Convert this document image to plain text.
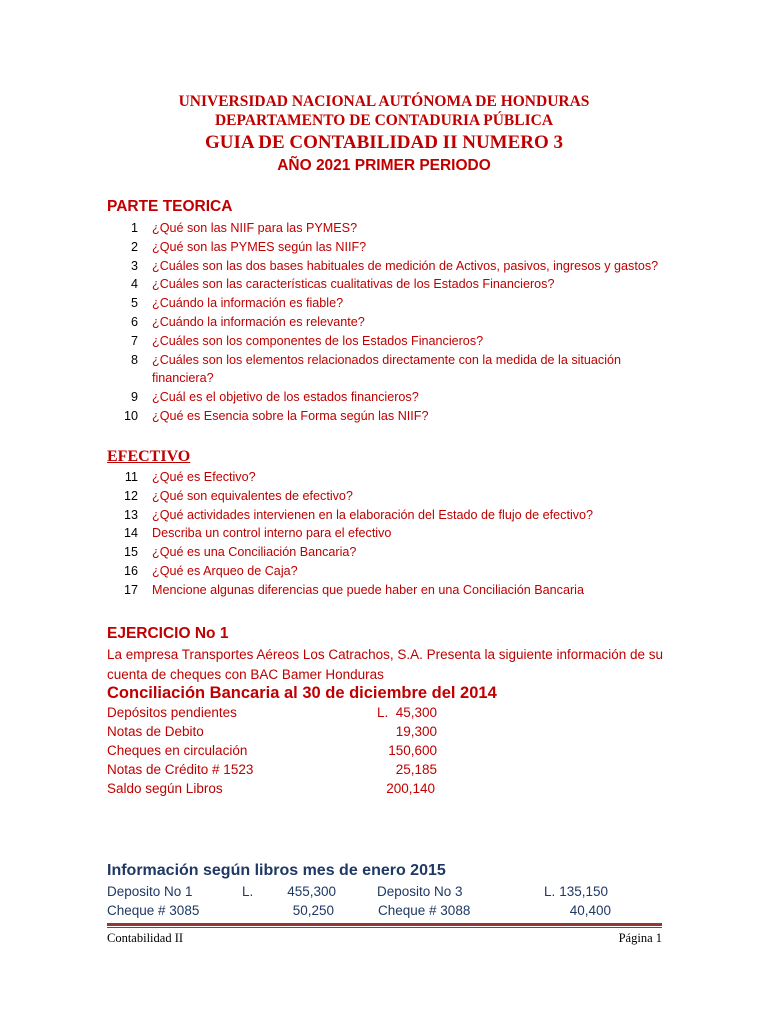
UNIVERSIDAD NACIONAL AUTÓNOMA DE HONDURAS
DEPARTAMENTO DE CONTADURIA PÚBLICA
GUIA DE CONTABILIDAD II NUMERO 3
AÑO 2021 PRIMER PERIODO
PARTE TEORICA
1 ¿Qué son las NIIF para las PYMES?
2 ¿Qué son las PYMES según las NIIF?
3 ¿Cuáles son las dos bases habituales de medición de Activos, pasivos, ingresos y gastos?
4 ¿Cuáles son las características cualitativas de los Estados Financieros?
5 ¿Cuándo la información es fiable?
6 ¿Cuándo la información es relevante?
7 ¿Cuáles son los componentes de los Estados Financieros?
8 ¿Cuáles son los elementos relacionados directamente con la medida de la situación financiera?
9 ¿Cuál es el objetivo de los estados financieros?
10 ¿Qué es Esencia sobre la Forma según las NIIF?
EFECTIVO
11 ¿Qué es Efectivo?
12 ¿Qué son equivalentes de efectivo?
13 ¿Qué actividades intervienen en la elaboración del Estado de flujo de efectivo?
14 Describa un control interno para el efectivo
15 ¿Qué es una Conciliación Bancaria?
16 ¿Qué es Arqueo de Caja?
17 Mencione algunas diferencias que puede haber en una Conciliación Bancaria
EJERCICIO No 1
La empresa Transportes Aéreos Los Catrachos, S.A. Presenta la siguiente información de su cuenta de cheques con BAC Bamer Honduras
Conciliación Bancaria al 30 de diciembre del 2014
Depósitos pendientes	L. 45,300
Notas de Debito	19,300
Cheques en circulación	150,600
Notas de Crédito # 1523	25,185
Saldo según Libros	200,140
Información según libros mes de enero 2015
Deposito No 1	L.	455,300	Deposito No 3	L. 135,150
Cheque # 3085	50,250	Cheque # 3088	40,400
Contabilidad II	Página 1
